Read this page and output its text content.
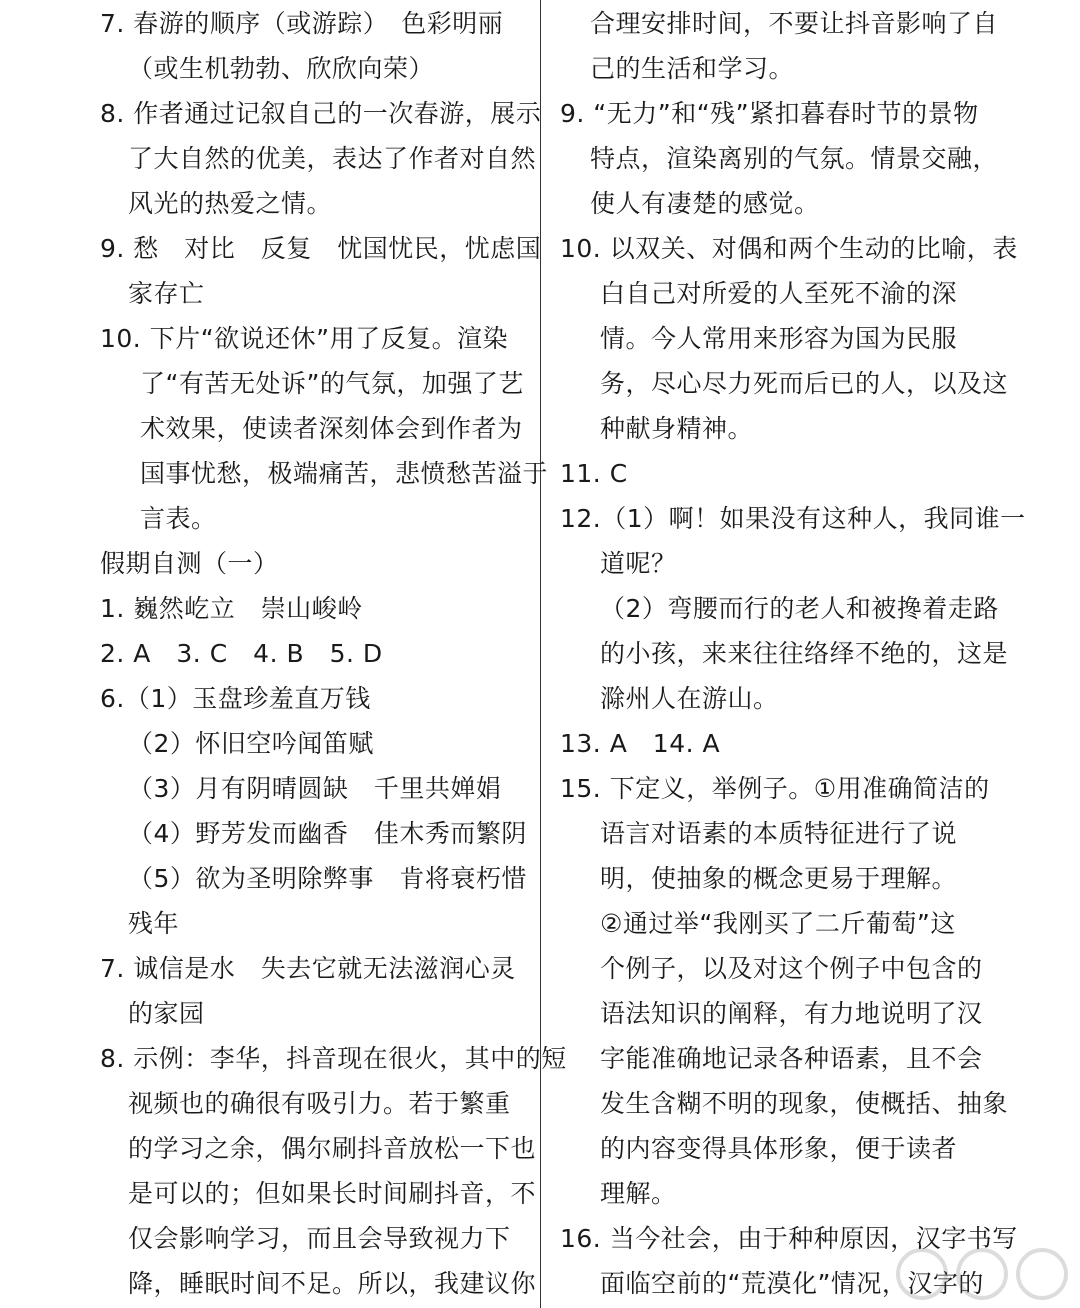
7. 春游的顺序（或游踪）　色彩明丽
（或生机勃勃、欣欣向荣）
8. 作者通过记叙自己的一次春游，展示
了大自然的优美，表达了作者对自然
风光的热爱之情。
9. 愁　对比　反复　忧国忧民，忧虑国
家存亡
10. 下片“欲说还休”用了反复。渲染
了“有苦无处诉”的气氛，加强了艺
术效果，使读者深刻体会到作者为
国事忧愁，极端痛苦，悲愤愁苦溢于
言表。
假期自测（一）
1. 巍然屹立　崇山峻岭
2. A　3. C　4. B　5. D
6.（1）玉盘珍羞直万钱
（2）怀旧空吟闻笛赋
（3）月有阴晴圆缺　千里共婵娟
（4）野芳发而幽香　佳木秀而繁阴
（5）欲为圣明除弊事　肯将衰朽惜
残年
7. 诚信是水　失去它就无法滋润心灵
的家园
8. 示例：李华，抖音现在很火，其中的短
视频也的确很有吸引力。若于繁重
的学习之余，偶尔刷抖音放松一下也
是可以的；但如果长时间刷抖音，不
仅会影响学习，而且会导致视力下
降，睡眠时间不足。所以，我建议你
合理安排时间，不要让抖音影响了自
己的生活和学习。
9. “无力”和“残”紧扣暮春时节的景物
特点，渲染离别的气氛。情景交融，
使人有凄楚的感觉。
10. 以双关、对偶和两个生动的比喻，表
白自己对所爱的人至死不渝的深
情。今人常用来形容为国为民服
务，尽心尽力死而后已的人，以及这
种献身精神。
11. C
12.（1）啊！如果没有这种人，我同谁一
道呢？
（2）弯腰而行的老人和被搀着走路
的小孩，来来往往络绎不绝的，这是
滁州人在游山。
13. A　14. A
15. 下定义，举例子。①用准确简洁的
语言对语素的本质特征进行了说
明，使抽象的概念更易于理解。
②通过举“我刚买了二斤葡萄”这
个例子，以及对这个例子中包含的
语法知识的阐释，有力地说明了汉
字能准确地记录各种语素，且不会
发生含糊不明的现象，使概括、抽象
的内容变得具体形象，便于读者
理解。
16. 当今社会，由于种种原因，汉字书写
面临空前的“荒漠化”情况，汉字的
